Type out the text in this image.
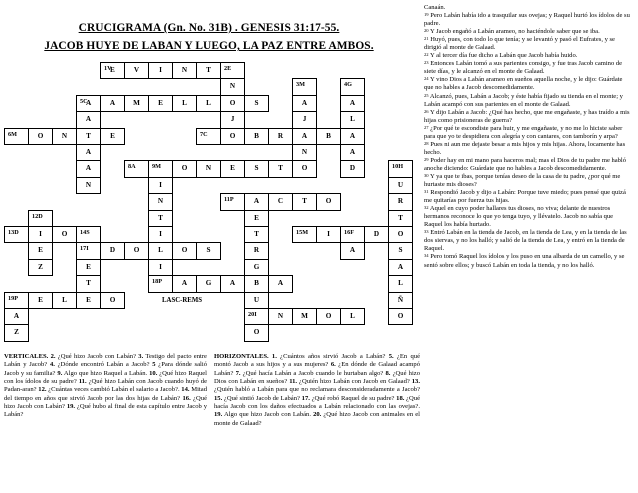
CRUCIGRAMA (Gn. No. 31B) . GENESIS 31:17-55.
JACOB HUYE DE LABAN Y LUEGO, LA PAZ ENTRE AMBOS.
LASC-REMS
1V
E	V	I	N	T	2E
N	3M	4G
5C
A	A	M	E	L	L	O	S	A	A
A	J	J	L
6M	O	N	T	E	7C	O	B	R	A	B	A
A	N	A
A	8A	9M	O	N	E	S	T	O	D	10H
N	I	U
N	11P	A	C	T	O	R
12D	T	E	T
13D	I	O	14S	I	T	15M	I	16F	D	O
E	17I	D	O	L	O	S	R	A	S
Z	E	I	G	A
T	18P	A	G	A	B	A	L
19P	E	L	E	O	U	Ñ
A	20I	N	M	O	L	O
Z	O
VERTICALES. 2. ¿Qué hizo Jacob con Labán? 3. Testigo del pacto entre Labán y Jacob? 4. ¿Dónde encontró Labán a Jacob? 5 ¿Para dónde salió Jacob y su familia? 9. Algo que hizo Raquel a Labán. 10. ¿Qué hizo Raquel con los ídolos de su padre? 11. ¿Qué hizo Labán con Jacob cuando huyó de Padan-aran? 12. ¿Cuántas veces cambió Labán el salario a Jacob?. 14. Mitad del tiempo en años que sirvió Jacob por las dos hijas de Labán? 16. ¿Qué hizo Jacob con Labán? 19. ¿Qué hubo al final de esta capítulo entre Jacob y Labán?
HORIZONTALES. 1. ¿Cuántos años sirvió Jacob a Labán? 5. ¿En qué montó Jacob a sus hijos y a sus mujeres? 6. ¿En dónde de Galaad acampó Labán? 7. ¿Qué hacía Labán a Jacob cuando le hurtaban algo? 8. ¿Qué hizo Dios con Labán en sueños? 11. ¿Quién hizo Labán con Jacob en Galaad? 13. ¿Quién habló a Labán para que no reclamara desconsideradamente a Jacob? 15. ¿Qué sintió Jacob de Labán? 17. ¿Qué robó Raquel de su padre? 18. ¿Qué hacía Jacob con los daños efectuados a Labán relacionado con las ovejas?. 19. Algo que hizo Jacob con Labán. 20. ¿Qué hizo Jacob con animales en el monte de Galaad?

Canaán.

$^{19}$ Pero Labán había ido a trasquilar sus ovejas; y Raquel hurtó los ídolos de su padre.

$^{20}$ Y Jacob engañó a Labán arameo, no haciéndole saber que se iba.

$^{21}$ Huyó, pues, con todo lo que tenía; y se levantó y pasó el Eufrates, y se dirigió al monte de Galaad.

$^{22}$ Y al tercer día fue dicho a Labán que Jacob había huido.

$^{23}$ Entonces Labán tomó a sus parientes consigo, y fue tras Jacob camino de siete días, y le alcanzó en el monte de Galaad.

$^{24}$ Y vino Dios a Labán arameo en sueños aquella noche, y le dijo: Guárdate que no hables a Jacob descomedidamente.

$^{25}$ Alcanzó, pues, Labán a Jacob; y éste había fijado su tienda en el monte; y Labán acampó con sus parientes en el monte de Galaad.

$^{26}$ Y dijo Labán a Jacob: ¿Qué has hecho, que me engañaste, y has traído a mis hijas como prisioneras de guerra?

$^{27}$ ¿Por qué te escondiste para huir, y me engañaste, y no me lo hiciste saber para que yo te despidiera con alegría y con cantares, con tamborín y arpa?

$^{28}$ Pues ni aun me dejaste besar a mis hijos y mis hijas. Ahora, locamente has hecho.

$^{29}$ Poder hay en mi mano para haceros mal; mas el Dios de tu padre me habló anoche diciendo: Guárdate que no hables a Jacob descomedidamente.

$^{30}$ Y ya que te ibas, porque tenías deseo de la casa de tu padre, ¿por qué me hurtaste mis dioses?

$^{31}$ Respondió Jacob y dijo a Labán: Porque tuve miedo; pues pensé que quizá me quitarías por fuerza tus hijas.

$^{32}$ Aquel en cuyo poder hallares tus dioses, no viva; delante de nuestros hermanos reconoce lo que yo tenga tuyo, y llévatelo. Jacob no sabía que Raquel los había hurtado.

$^{33}$ Entró Labán en la tienda de Jacob, en la tienda de Lea, y en la tienda de las dos siervas, y no los halló; y salió de la tienda de Lea, y entró en la tienda de Raquel.

$^{34}$ Pero tomó Raquel los ídolos y los puso en una albarda de un camello, y se sentó sobre ellos; y buscó Labán en toda la tienda, y no los halló.
